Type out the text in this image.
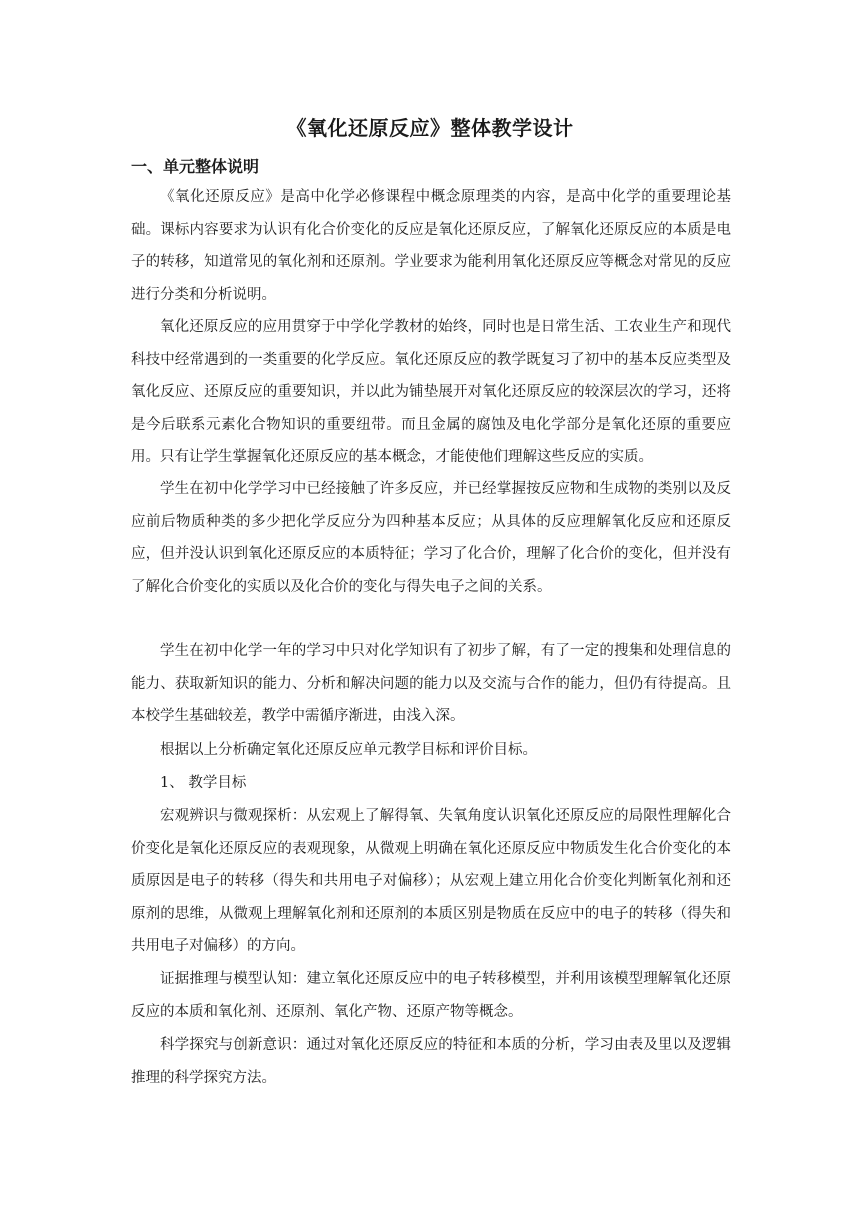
《氧化还原反应》整体教学设计
一、单元整体说明

《氧化还原反应》是高中化学必修课程中概念原理类的内容，是高中化学的重要理论基础。课标内容要求为认识有化合价变化的反应是氧化还原反应，了解氧化还原反应的本质是电子的转移，知道常见的氧化剂和还原剂。学业要求为能利用氧化还原反应等概念对常见的反应进行分类和分析说明。

氧化还原反应的应用贯穿于中学化学教材的始终，同时也是日常生活、工农业生产和现代科技中经常遇到的一类重要的化学反应。氧化还原反应的教学既复习了初中的基本反应类型及氧化反应、还原反应的重要知识，并以此为铺垫展开对氧化还原反应的较深层次的学习，还将是今后联系元素化合物知识的重要纽带。而且金属的腐蚀及电化学部分是氧化还原的重要应用。只有让学生掌握氧化还原反应的基本概念，才能使他们理解这些反应的实质。

学生在初中化学学习中已经接触了许多反应，并已经掌握按反应物和生成物的类别以及反应前后物质种类的多少把化学反应分为四种基本反应；从具体的反应理解氧化反应和还原反应，但并没认识到氧化还原反应的本质特征；学习了化合价，理解了化合价的变化，但并没有了解化合价变化的实质以及化合价的变化与得失电子之间的关系。

学生在初中化学一年的学习中只对化学知识有了初步了解，有了一定的搜集和处理信息的能力、获取新知识的能力、分析和解决问题的能力以及交流与合作的能力，但仍有待提高。且本校学生基础较差，教学中需循序渐进，由浅入深。

根据以上分析确定氧化还原反应单元教学目标和评价目标。

1、 教学目标

宏观辨识与微观探析：从宏观上了解得氧、失氧角度认识氧化还原反应的局限性理解化合价变化是氧化还原反应的表观现象，从微观上明确在氧化还原反应中物质发生化合价变化的本质原因是电子的转移（得失和共用电子对偏移）；从宏观上建立用化合价变化判断氧化剂和还原剂的思维，从微观上理解氧化剂和还原剂的本质区别是物质在反应中的电子的转移（得失和共用电子对偏移）的方向。

证据推理与模型认知：建立氧化还原反应中的电子转移模型，并利用该模型理解氧化还原反应的本质和氧化剂、还原剂、氧化产物、还原产物等概念。

科学探究与创新意识：通过对氧化还原反应的特征和本质的分析，学习由表及里以及逻辑推理的科学探究方法。
